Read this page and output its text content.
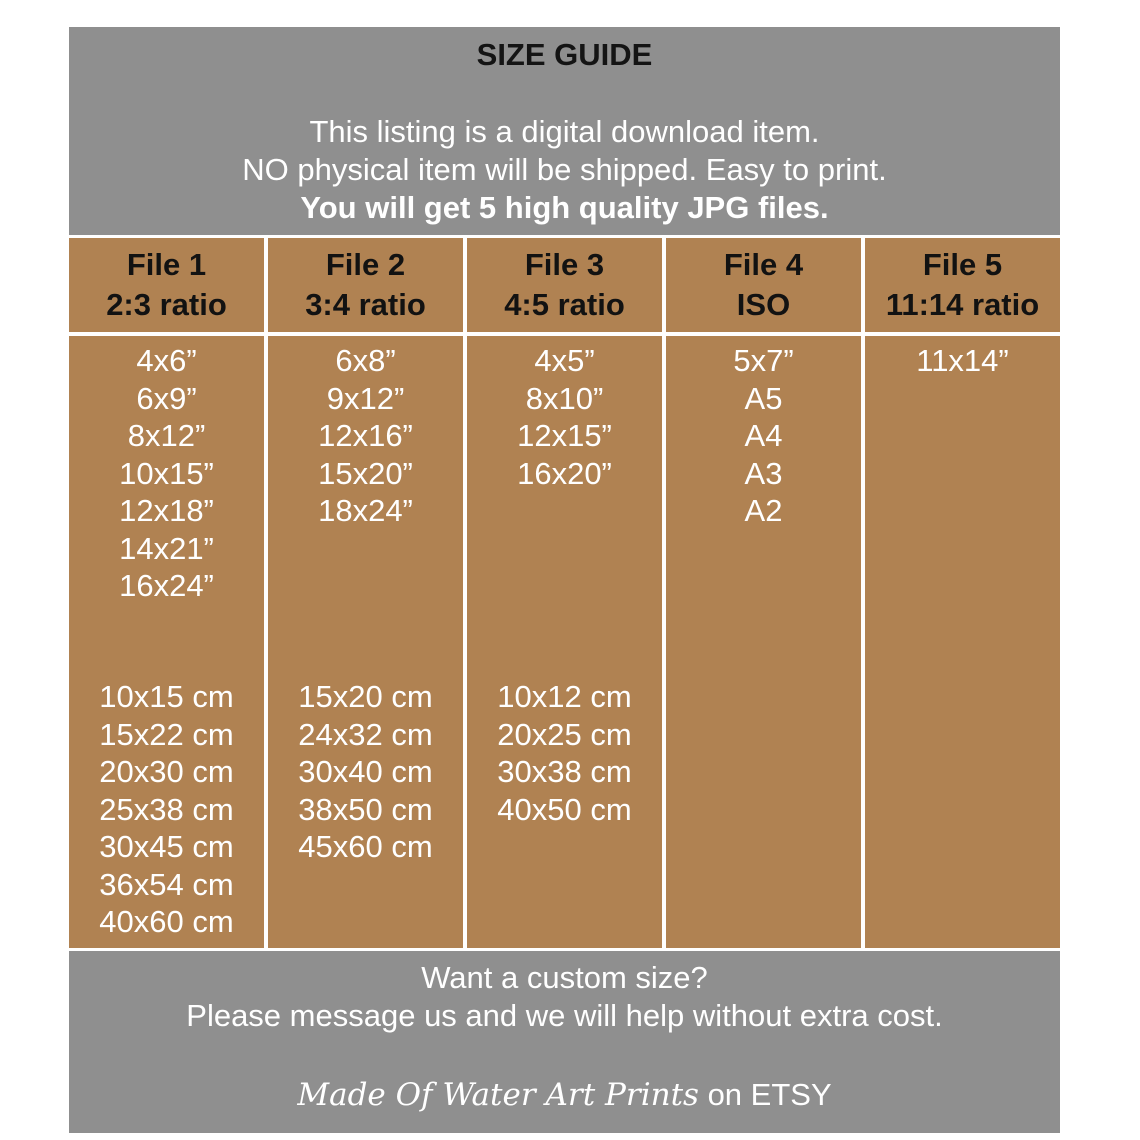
SIZE GUIDE
This listing is a digital download item.
NO physical item will be shipped. Easy to print.
You will get 5 high quality JPG files.
File 1
2:3 ratio
4x6”
6x9”
8x12”
10x15”
12x18”
14x21”
16x24”
10x15 cm
15x22 cm
20x30 cm
25x38 cm
30x45 cm
36x54 cm
40x60 cm
File 2
3:4 ratio
6x8”
9x12”
12x16”
15x20”
18x24”
15x20 cm
24x32 cm
30x40 cm
38x50 cm
45x60 cm
File 3
4:5 ratio
4x5”
8x10”
12x15”
16x20”
10x12 cm
20x25 cm
30x38 cm
40x50 cm
File 4
ISO
5x7”
A5
A4
A3
A2
File 5
11:14 ratio
11x14”
Want a custom size?
Please message us and we will help without extra cost.
Made Of Water Art Prints on ETSY
